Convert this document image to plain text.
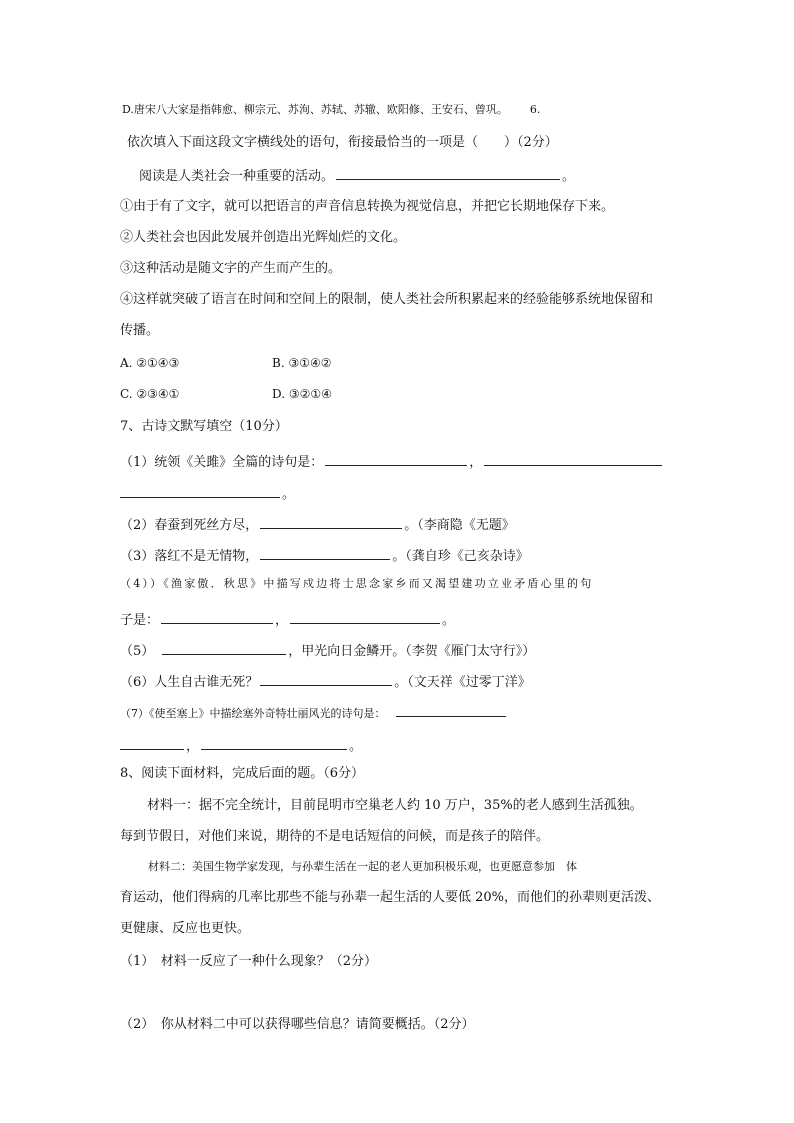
D.唐宋八大家是指韩愈、柳宗元、苏洵、苏轼、苏辙、欧阳修、王安石、曾巩。 6.
依次填入下面这段文字横线处的语句，衔接最恰当的一项是（　　）（2分）
阅读是人类社会一种重要的活动。	。
①由于有了文字，就可以把语言的声音信息转换为视觉信息，并把它长期地保存下来。
②人类社会也因此发展并创造出光辉灿烂的文化。
③这种活动是随文字的产生而产生的。
④这样就突破了语言在时间和空间上的限制，使人类社会所积累起来的经验能够系统地保留和
传播。
A. ②①④③	B. ③①④②
C. ②③④①	D. ③②①④
7、古诗文默写填空（10分）
（1）统领《关雎》全篇的诗句是：	，
。
（2）春蚕到死丝方尽，	。（李商隐《无题》
（3）落红不是无情物，	。（龚自珍《己亥杂诗》
（4））《渔家傲．秋思》中描写戍边将士思念家乡而又渴望建功立业矛盾心里的句
子是：	，	。
（5）	，甲光向日金鳞开。（李贺《雁门太守行》）
（6）人生自古谁无死？	。（文天祥《过零丁洋》
（7）《使至塞上》中描绘塞外奇特壮丽风光的诗句是：
，	。
8、阅读下面材料，完成后面的题。（6分）
材料一：据不完全统计，目前昆明市空巢老人约 10 万户，35%的老人感到生活孤独。
每到节假日，对他们来说，期待的不是电话短信的问候，而是孩子的陪伴。
材料二：美国生物学家发现，与孙辈生活在一起的老人更加积极乐观，也更愿意参加　体
育运动，他们得病的几率比那些不能与孙辈一起生活的人要低 20%，而他们的孙辈则更活泼、
更健康、反应也更快。
（1）　材料一反应了一种什么现象？（2分）
（2）　你从材料二中可以获得哪些信息？请简要概括。（2分）
